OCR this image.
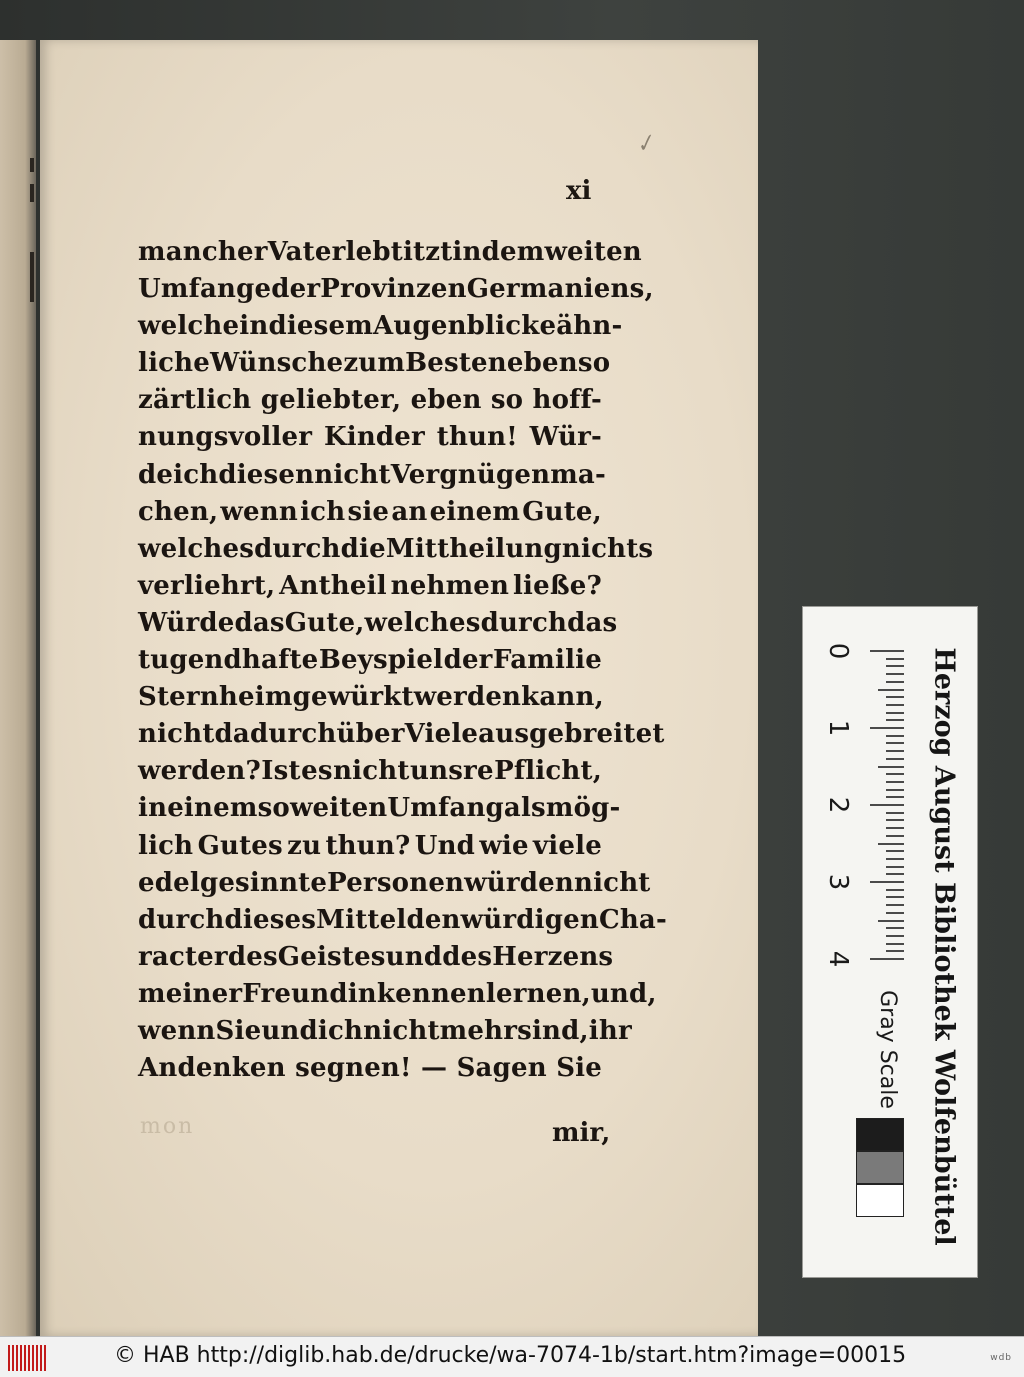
✓
xi
mancher Vater lebt itzt in dem weiten
Umfange der Provinzen Germaniens,
welche in diesem Augenblicke ähn-
liche Wünsche zum Besten eben so
zärtlich geliebter, eben so hoff-
nungsvoller Kinder thun! Wür-
de ich diesen nicht Vergnügen ma-
chen, wenn ich sie an einem Gute,
welches durch die Mittheilung nichts
verliehrt, Antheil nehmen ließe?
Würde das Gute, welches durch das
tugendhafte Beyspiel der Familie
Sternheim gewürkt werden kann,
nicht dadurch über Viele ausgebreitet
werden? Ist es nicht unsre Pflicht,
in einem so weiten Umfang als mög-
lich Gutes zu thun? Und wie viele
edelgesinnte Personen würden nicht
durch dieses Mittel den würdigen Cha-
racter des Geistes und des Herzens
meiner Freundin kennen lernen, und,
wenn Sie und ich nicht mehr sind, ihr
Andenken segnen! — Sagen Sie
mon	mir,
0
1
2
3
4
Gray Scale Herzog August Bibliothek Wolfenbüttel
© HAB http://diglib.hab.de/drucke/wa-7074-1b/start.htm?image=00015	wdb
